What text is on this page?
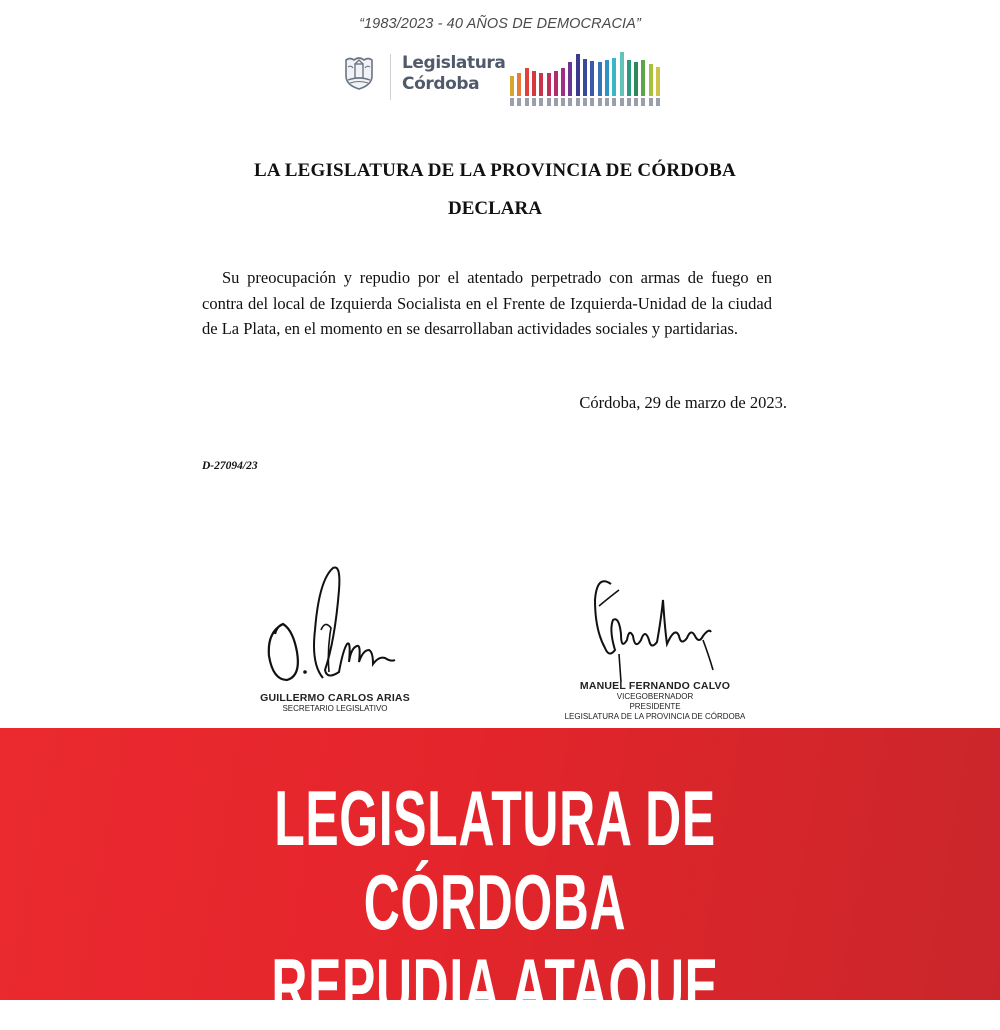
“1983/2023 - 40 AÑOS DE DEMOCRACIA”
Legislatura
Córdoba
LA LEGISLATURA DE LA PROVINCIA DE CÓRDOBA
DECLARA
Su preocupación y repudio por el atentado perpetrado con armas de fuego en contra del local de Izquierda Socialista en el Frente de Izquierda-Unidad de la ciudad de La Plata, en el momento en se desarrollaban actividades sociales y partidarias.
Córdoba, 29 de marzo de 2023.
D-27094/23
GUILLERMO CARLOS ARIAS
SECRETARIO LEGISLATIVO
MANUEL FERNANDO CALVO
VICEGOBERNADOR
PRESIDENTE
LEGISLATURA DE LA PROVINCIA DE CÓRDOBA
LEGISLATURA DE CÓRDOBA
REPUDIA ATAQUE
